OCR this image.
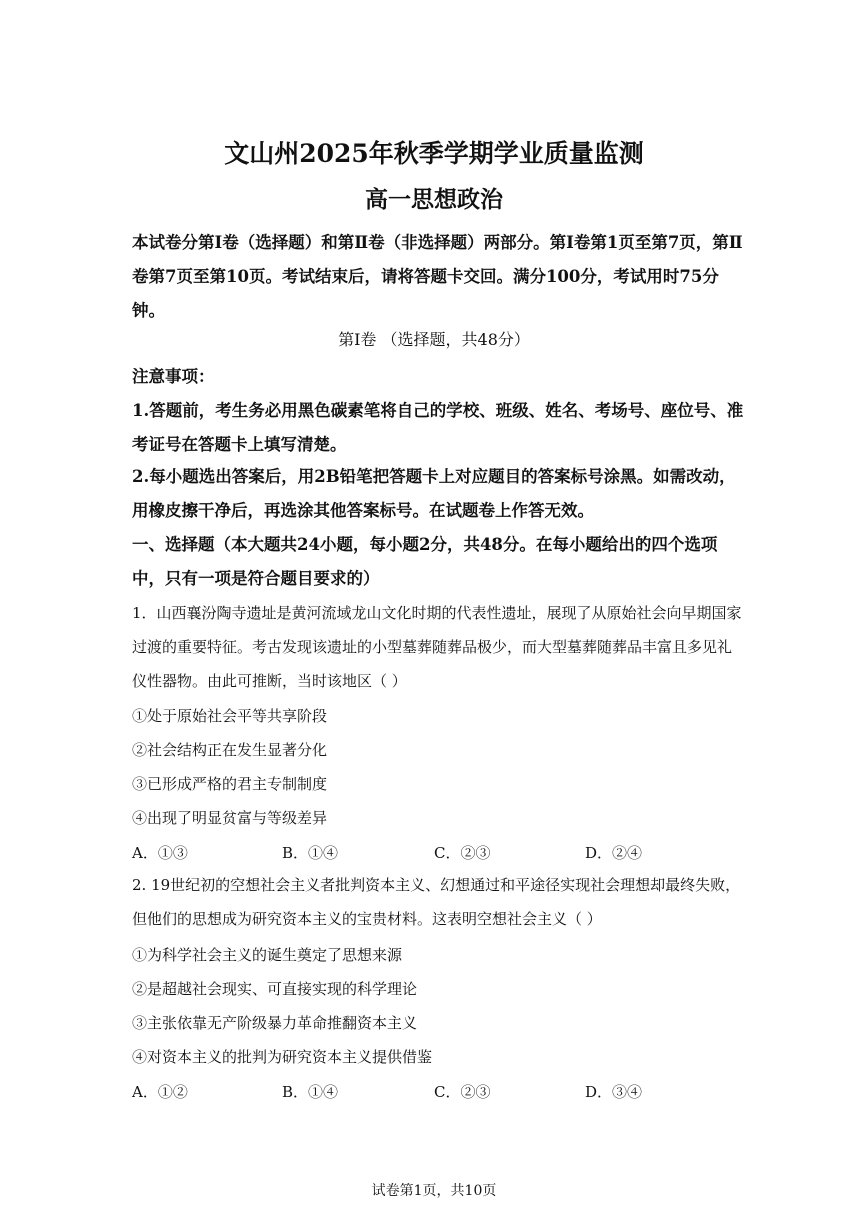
文山州2025年秋季学期学业质量监测
高一思想政治
本试卷分第Ⅰ卷（选择题）和第Ⅱ卷（非选择题）两部分。第Ⅰ卷第1页至第7页，第Ⅱ卷第7页至第10页。考试结束后，请将答题卡交回。满分100分，考试用时75分钟。
第Ⅰ卷 （选择题，共48分）
注意事项：
1.答题前，考生务必用黑色碳素笔将自己的学校、班级、姓名、考场号、座位号、准考证号在答题卡上填写清楚。
2.每小题选出答案后，用2B铅笔把答题卡上对应题目的答案标号涂黑。如需改动，用橡皮擦干净后，再选涂其他答案标号。在试题卷上作答无效。
一、选择题（本大题共24小题，每小题2分，共48分。在每小题给出的四个选项中，只有一项是符合题目要求的）
1．山西襄汾陶寺遗址是黄河流域龙山文化时期的代表性遗址，展现了从原始社会向早期国家过渡的重要特征。考古发现该遗址的小型墓葬随葬品极少，而大型墓葬随葬品丰富且多见礼仪性器物。由此可推断，当时该地区（ ）
①处于原始社会平等共享阶段
②社会结构正在发生显著分化
③已形成严格的君主专制制度
④出现了明显贫富与等级差异
A．①③	B．①④	C．②③	D．②④
2. 19世纪初的空想社会主义者批判资本主义、幻想通过和平途径实现社会理想却最终失败，但他们的思想成为研究资本主义的宝贵材料。这表明空想社会主义（ ）
①为科学社会主义的诞生奠定了思想来源
②是超越社会现实、可直接实现的科学理论
③主张依靠无产阶级暴力革命推翻资本主义
④对资本主义的批判为研究资本主义提供借鉴
A．①②	B．①④	C．②③	D．③④
试卷第1页，共10页
